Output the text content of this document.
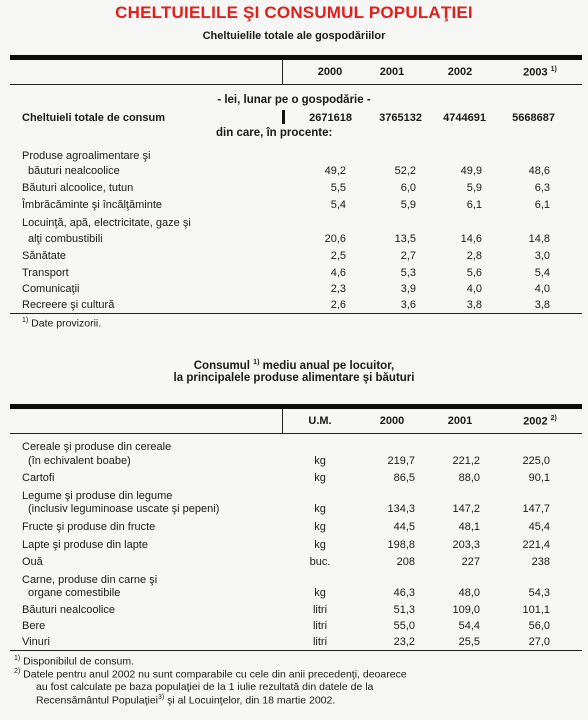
CHELTUIELILE ŞI CONSUMUL POPULAŢIEI
Cheltuielile totale ale gospodăriilor
2000	2001	2002	2003 $^{1)}$
- lei, lunar pe o gospodărie -
Cheltuieli totale de consum	2671618	3765132	4744691	5668687
din care, în procente:
Produse agroalimentare şi
băuturi nealcoolice	49,2	52,2	49,9	48,6
Băuturi alcoolice, tutun	5,5	6,0	5,9	6,3
Îmbrăcăminte şi încălţăminte	5,4	5,9	6,1	6,1
Locuinţă, apă, electricitate, gaze şi
alţi combustibili	20,6	13,5	14,6	14,8
Sănătate	2,5	2,7	2,8	3,0
Transport	4,6	5,3	5,6	5,4
Comunicaţii	2,3	3,9	4,0	4,0
Recreere şi cultură	2,6	3,6	3,8	3,8
$^{1)}$ Date provizorii.
Consumul $^{1)}$ mediu anual pe locuitor,
la principalele produse alimentare şi băuturi
U.M.	2000	2001	2002 $^{2)}$
Cereale şi produse din cereale
(în echivalent boabe)	kg	219,7	221,2	225,0
Cartofi	kg	86,5	88,0	90,1
Legume şi produse din legume
(inclusiv leguminoase uscate şi pepeni)	kg	134,3	147,2	147,7
Fructe şi produse din fructe	kg	44,5	48,1	45,4
Lapte şi produse din lapte	kg	198,8	203,3	221,4
Ouă	buc.	208	227	238
Carne, produse din carne şi
organe comestibile	kg	46,3	48,0	54,3
Băuturi nealcoolice	litri	51,3	109,0	101,1
Bere	litri	55,0	54,4	56,0
Vinuri	litri	23,2	25,5	27,0
$^{1)}$ Disponibilul de consum.
$^{2)}$ Datele pentru anul 2002 nu sunt comparabile cu cele din anii precedenţi, deoarece
au fost calculate pe baza populaţiei de la 1 iulie rezultată din datele de la
Recensământul Populaţiei$^{3)}$ şi al Locuinţelor, din 18 martie 2002.
